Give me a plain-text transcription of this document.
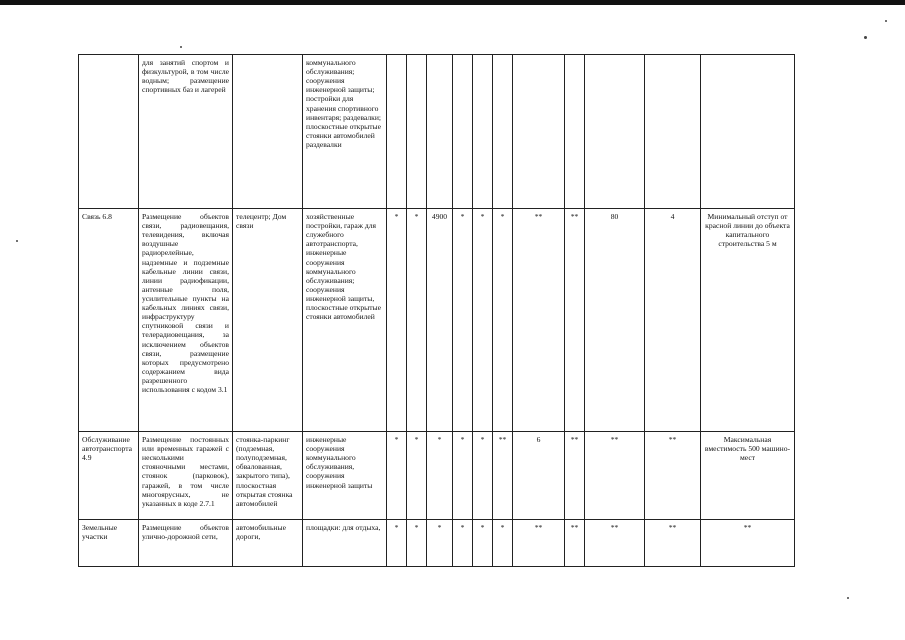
	для занятий спортом и физкультурой, в том числе водным; размещение спортивных баз и лагерей		коммунального обслуживания; сооружения инженерной защиты; постройки для хранения спортивного инвентаря; раздевалки; плоскостные открытые стоянки автомобилей раздевалки											
Связь 6.8	Размещение объектов связи, радиовещания, телевидения, включая воздушные радиорелейные, надземные и подземные кабельные линии связи, линии радиофикации, антенные поля, усилительные пункты на кабельных линиях связи, инфраструктуру спутниковой связи и телерадиовещания, за исключением объектов связи, размещение которых предусмотрено содержанием вида разрешенного использования с кодом 3.1	телецентр; Дом связи	хозяйственные постройки, гараж для служебного автотранспорта, инженерные сооружения коммунального обслуживания; сооружения инженерной защиты, плоскостные открытые стоянки автомобилей	*	*	4900	*	*	*	**	**	80	4	Минимальный отступ от красной линии до объекта капитального строительства 5 м
Обслуживание автотранспорта 4.9	Размещение постоянных или временных гаражей с несколькими стояночными местами, стоянок (парковок), гаражей, в том числе многоярусных, не указанных в коде 2.7.1	стоянка-паркинг (подземная, полуподземная, обвалованная, закрытого типа), плоскостная открытая стоянка автомобилей	инженерные сооружения коммунального обслуживания, сооружения инженерной защиты	*	*	*	*	*	**	6	**	**	**	Максимальная вместимость 500 машино-мест
Земельные участки	Размещение объектов улично-дорожной сети,	автомобильные дороги,	площадки: для отдыха,	*	*	*	*	*	*	**	**	**	**	**
